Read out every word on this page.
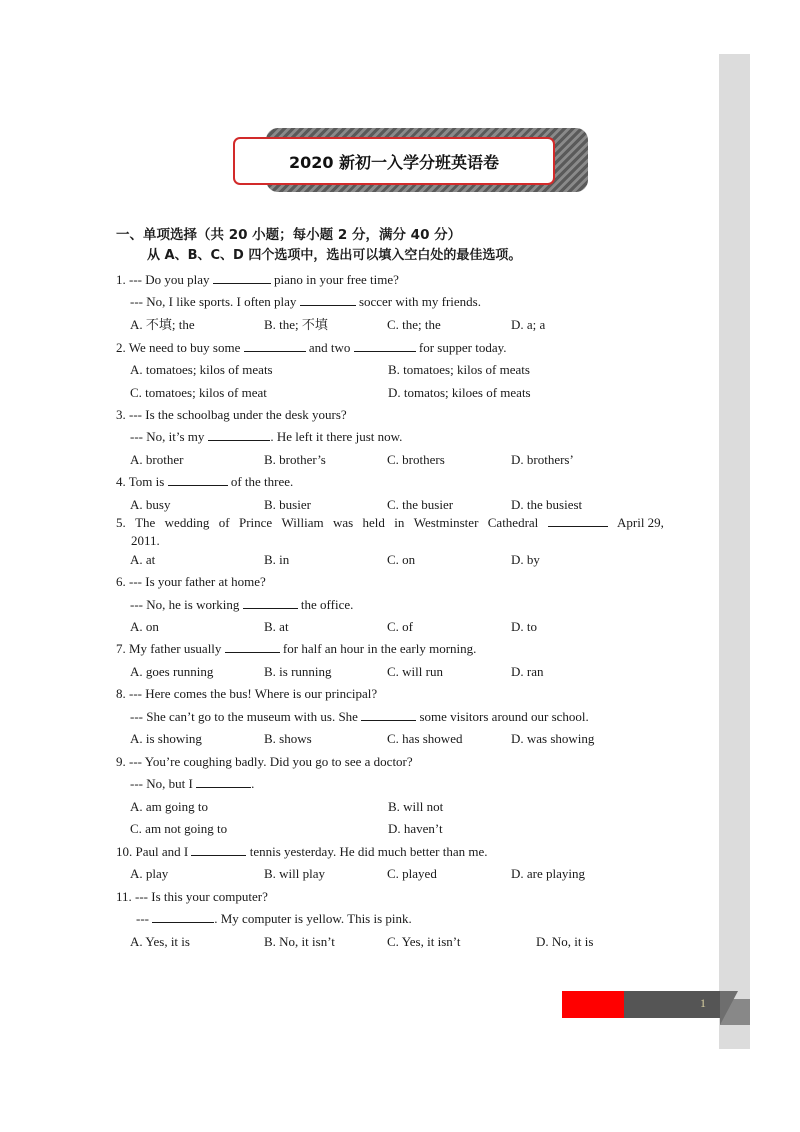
2020 新初一入学分班英语卷
一、单项选择（共 20 小题；每小题 2 分，满分 40 分）
从 A、B、C、D 四个选项中，选出可以填入空白处的最佳选项。
1. --- Do you play	piano in your free time?
--- No, I like sports. I often play	soccer with my friends.
A. 不填; the	B. the; 不填	C. the; the	D. a; a
2. We need to buy some	and two	for supper today.
A. tomatoes; kilos of meats	B. tomatoes; kilos of meats
C. tomatoes; kilos of meat	D. tomatos; kiloes of meats
3. --- Is the schoolbag under the desk yours?
--- No, it’s my	. He left it there just now.
A. brother	B. brother’s	C. brothers	D. brothers’
4. Tom is	of the three.
A. busy	B. busier	C. the busier	D. the busiest
5. The wedding of Prince William was held in Westminster Cathedral	April 29,
2011.
A. at	B. in	C. on	D. by
6. --- Is your father at home?
--- No, he is working	the office.
A. on	B. at	C. of	D. to
7. My father usually	for half an hour in the early morning.
A. goes running	B. is running	C. will run	D. ran
8. --- Here comes the bus! Where is our principal?
--- She can’t go to the museum with us. She	some visitors around our school.
A. is showing	B. shows	C. has showed	D. was showing
9. --- You’re coughing badly. Did you go to see a doctor?
--- No, but I	.
A. am going to	B. will not
C. am not going to	D. haven’t
10. Paul and I	tennis yesterday. He did much better than me.
A. play	B. will play	C. played	D. are playing
11. --- Is this your computer?
---	. My computer is yellow. This is pink.
A. Yes, it is	B. No, it isn’t	C. Yes, it isn’t	D. No, it is
1
